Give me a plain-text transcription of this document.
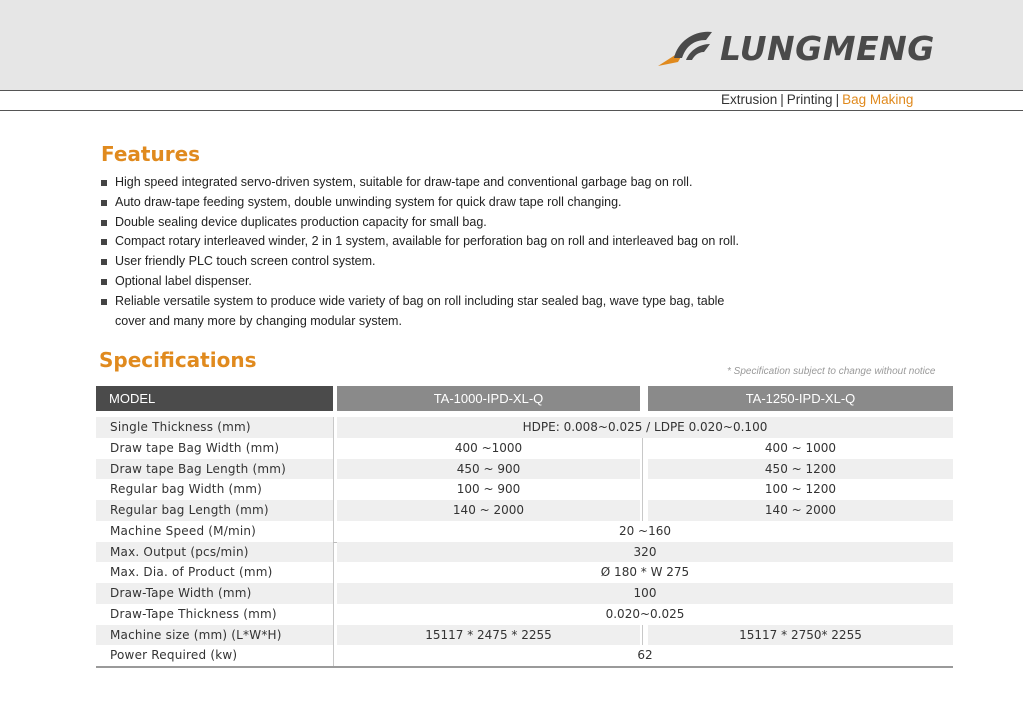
LUNGMENG
Extrusion | Printing | Bag Making
Features
High speed integrated servo-driven system, suitable for draw-tape and conventional garbage bag on roll.
Auto draw-tape feeding system, double unwinding system for quick draw tape roll changing.
Double sealing device duplicates production capacity for small bag.
Compact rotary interleaved winder, 2 in 1 system, available for perforation bag on roll and interleaved bag on roll.
User friendly PLC touch screen control system.
Optional label dispenser.
Reliable versatile system to produce wide variety of bag on roll including star sealed bag, wave type bag, table cover and many more by changing modular system.
Specifications	* Specification subject to change without notice
MODEL	TA-1000-IPD-XL-Q	TA-1250-IPD-XL-Q
Single Thickness (mm)	HDPE: 0.008~0.025 / LDPE 0.020~0.100
Draw tape Bag Width (mm)	400 ~1000	400 ~ 1000
Draw tape Bag Length (mm)	450 ~ 900	450 ~ 1200
Regular bag Width (mm)	100 ~ 900	100 ~ 1200
Regular bag Length (mm)	140 ~ 2000	140 ~ 2000
Machine Speed (M/min)	20 ~160
Max. Output (pcs/min)	320
Max. Dia. of Product (mm)	Ø 180 * W 275
Draw-Tape Width (mm)	100
Draw-Tape Thickness (mm)	0.020~0.025
Machine size (mm) (L*W*H)	15117 * 2475 * 2255	15117 * 2750* 2255
Power Required (kw)	62
